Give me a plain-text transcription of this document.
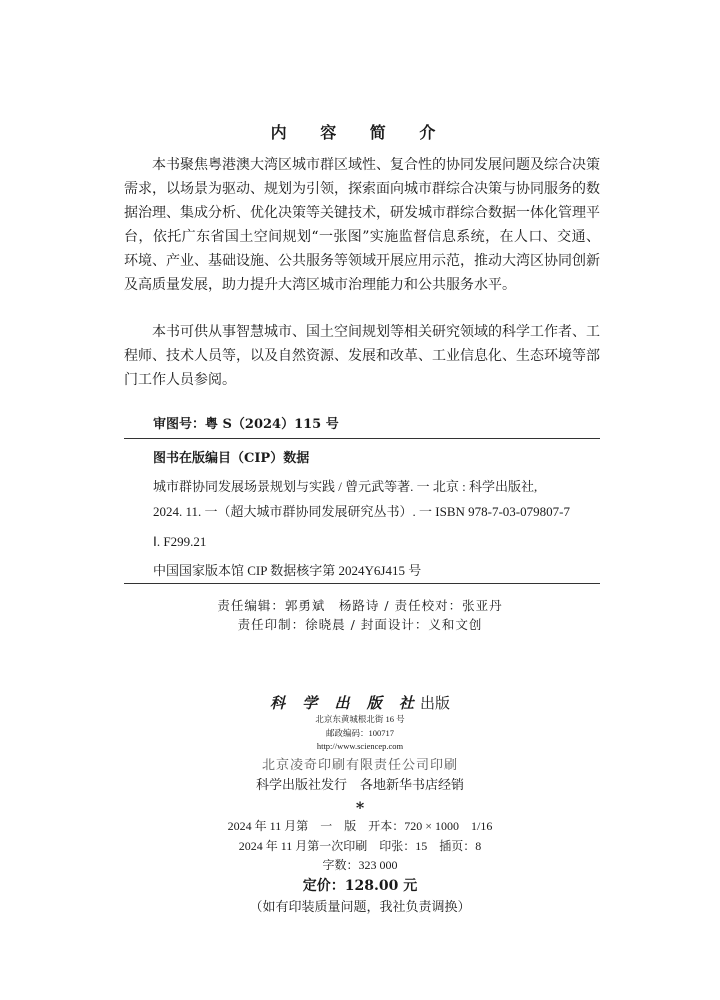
内 容 简 介

本书聚焦粤港澳大湾区城市群区域性、复合性的协同发展问题及综合决策需求，以场景为驱动、规划为引领，探索面向城市群综合决策与协同服务的数据治理、集成分析、优化决策等关键技术，研发城市群综合数据一体化管理平台，依托广东省国土空间规划“一张图”实施监督信息系统，在人口、交通、环境、产业、基础设施、公共服务等领域开展应用示范，推动大湾区协同创新及高质量发展，助力提升大湾区城市治理能力和公共服务水平。

本书可供从事智慧城市、国土空间规划等相关研究领域的科学工作者、工程师、技术人员等，以及自然资源、发展和改革、工业信息化、生态环境等部门工作人员参阅。

审图号：粤 S（2024）115 号
图书在版编目（CIP）数据
城市群协同发展场景规划与实践 / 曾元武等著. 一 北京 : 科学出版社,
2024. 11. 一（超大城市群协同发展研究丛书）. 一 ISBN 978-7-03-079807-7
Ⅰ. F299.21
中国国家版本馆 CIP 数据核字第 2024Y6J415 号
责任编辑：郭勇斌　杨路诗 / 责任校对：张亚丹
责任印制：徐晓晨 / 封面设计：义和文创
科 学 出 版 社出版
北京东黄城根北街 16 号
邮政编码：100717
http://www.sciencep.com
北京凌奇印刷有限责任公司印刷
科学出版社发行　各地新华书店经销
*
2024 年 11 月第　一　版　开本：720 × 1000　1/16
2024 年 11 月第一次印刷　印张：15　插页：8
字数：323 000
定价：128.00 元
（如有印装质量问题，我社负责调换）
